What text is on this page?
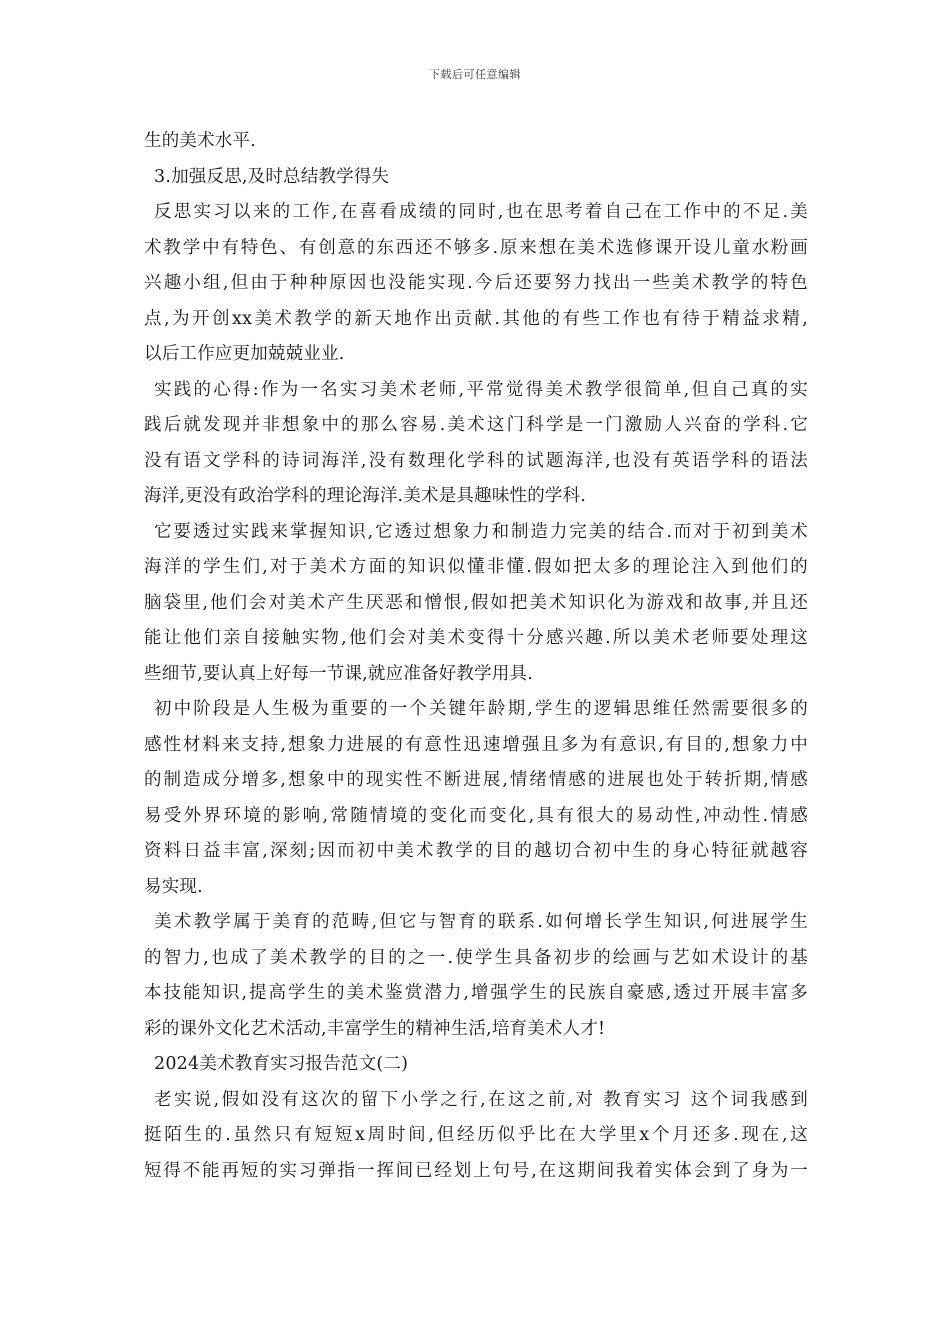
下载后可任意编辑
生的美术水平.
3.加强反思,及时总结教学得失
反思实习以来的工作,在喜看成绩的同时,也在思考着自己在工作中的不足.美
术教学中有特色、有创意的东西还不够多.原来想在美术选修课开设儿童水粉画
兴趣小组,但由于种种原因也没能实现.今后还要努力找出一些美术教学的特色
点,为开创xx美术教学的新天地作出贡献.其他的有些工作也有待于精益求精,
以后工作应更加兢兢业业.
实践的心得:作为一名实习美术老师,平常觉得美术教学很简单,但自己真的实
践后就发现并非想象中的那么容易.美术这门科学是一门激励人兴奋的学科.它
没有语文学科的诗词海洋,没有数理化学科的试题海洋,也没有英语学科的语法
海洋,更没有政治学科的理论海洋.美术是具趣味性的学科.
它要透过实践来掌握知识,它透过想象力和制造力完美的结合.而对于初到美术
海洋的学生们,对于美术方面的知识似懂非懂.假如把太多的理论注入到他们的
脑袋里,他们会对美术产生厌恶和憎恨,假如把美术知识化为游戏和故事,并且还
能让他们亲自接触实物,他们会对美术变得十分感兴趣.所以美术老师要处理这
些细节,要认真上好每一节课,就应准备好教学用具.
初中阶段是人生极为重要的一个关键年龄期,学生的逻辑思维任然需要很多的
感性材料来支持,想象力进展的有意性迅速增强且多为有意识,有目的,想象力中
的制造成分增多,想象中的现实性不断进展,情绪情感的进展也处于转折期,情感
易受外界环境的影响,常随情境的变化而变化,具有很大的易动性,冲动性.情感
资料日益丰富,深刻;因而初中美术教学的目的越切合初中生的身心特征就越容
易实现.
美术教学属于美育的范畴,但它与智育的联系.如何增长学生知识,何进展学生
的智力,也成了美术教学的目的之一.使学生具备初步的绘画与艺如术设计的基
本技能知识,提高学生的美术鉴赏潜力,增强学生的民族自豪感,透过开展丰富多
彩的课外文化艺术活动,丰富学生的精神生活,培育美术人才!
2024美术教育实习报告范文(二)
老实说,假如没有这次的留下小学之行,在这之前,对 教育实习 这个词我感到
挺陌生的.虽然只有短短x周时间,但经历似乎比在大学里x个月还多.现在,这
短得不能再短的实习弹指一挥间已经划上句号,在这期间我着实体会到了身为一
